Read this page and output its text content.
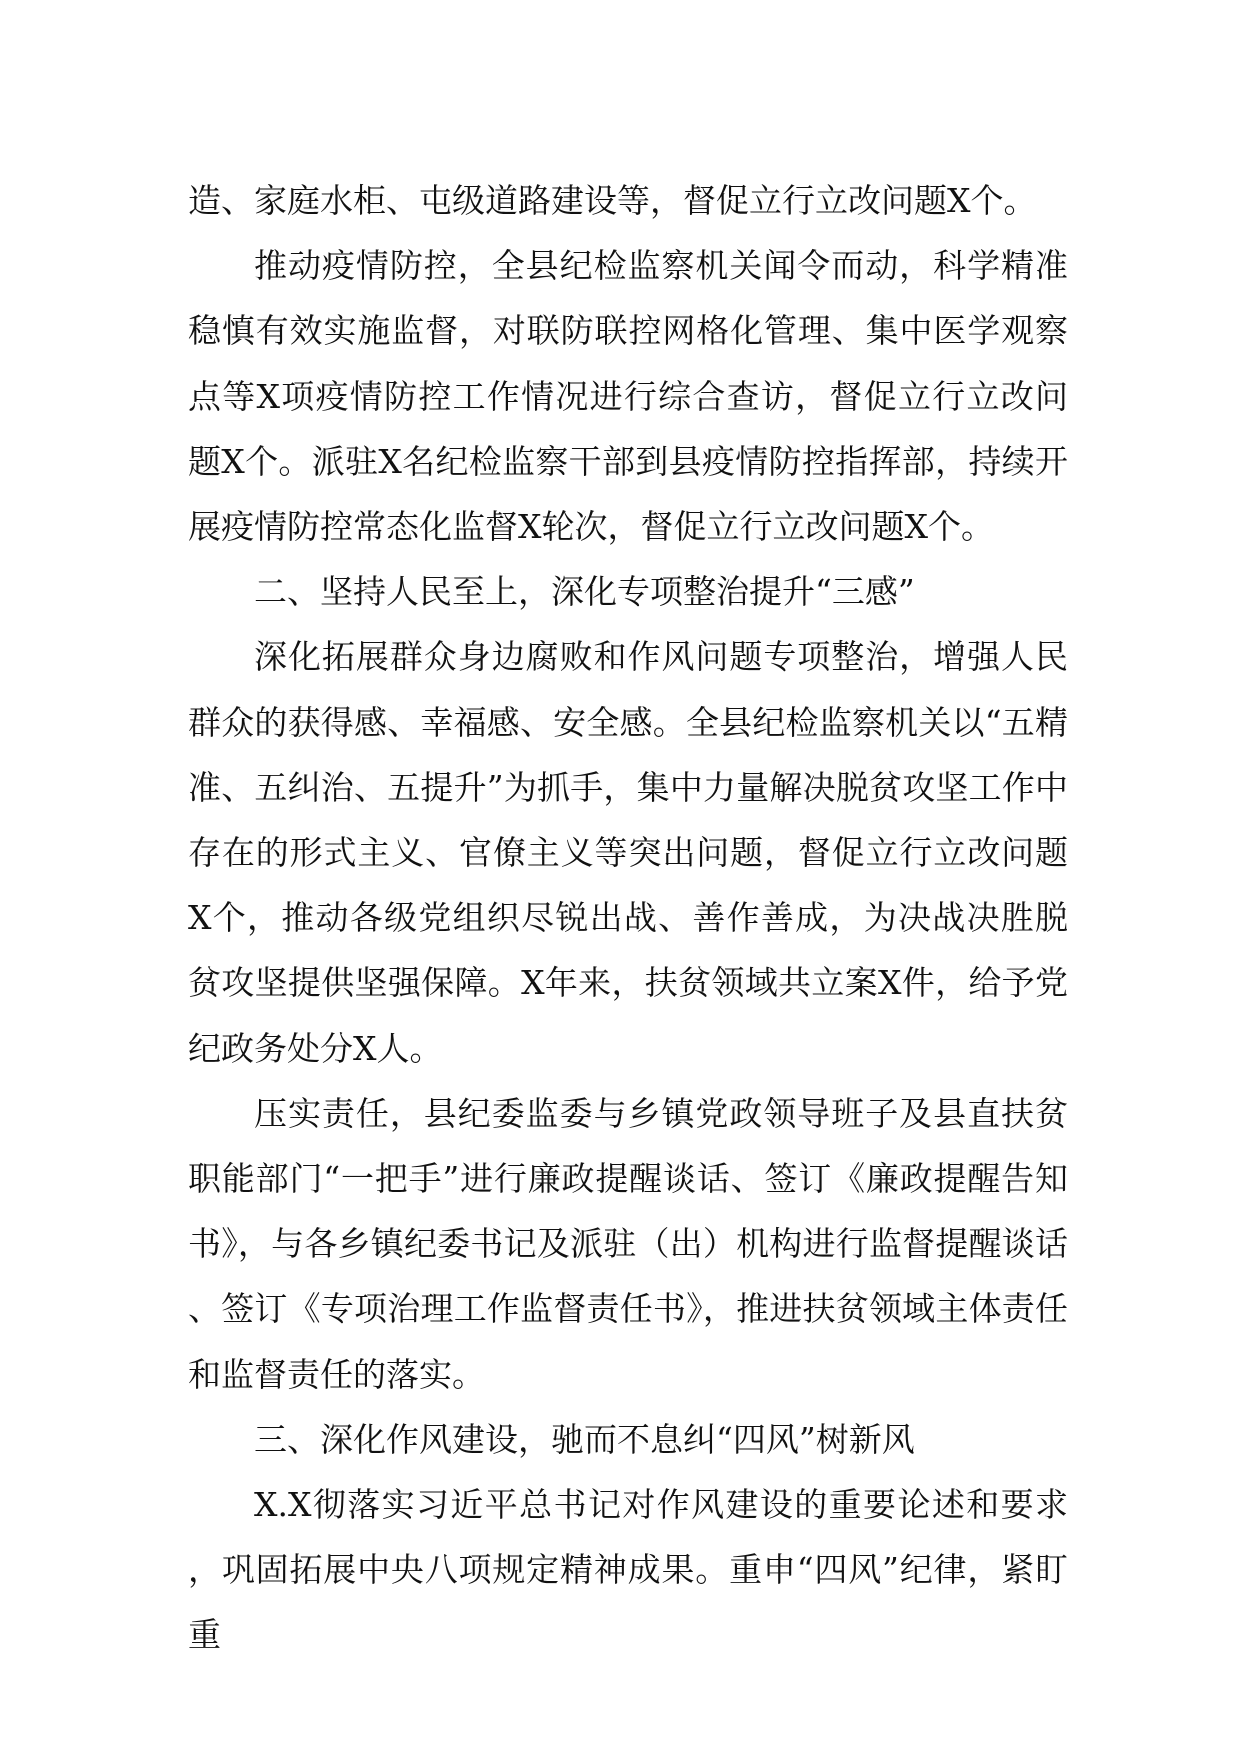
造、家庭水柜、屯级道路建设等，督促立行立改问题X个。

推动疫情防控，全县纪检监察机关闻令而动，科学精准稳慎有效实施监督，对联防联控网格化管理、集中医学观察点等X项疫情防控工作情况进行综合查访，督促立行立改问题X个。派驻X名纪检监察干部到县疫情防控指挥部，持续开展疫情防控常态化监督X轮次，督促立行立改问题X个。

二、坚持人民至上，深化专项整治提升“三感”

深化拓展群众身边腐败和作风问题专项整治，增强人民群众的获得感、幸福感、安全感。全县纪检监察机关以“五精准、五纠治、五提升”为抓手，集中力量解决脱贫攻坚工作中存在的形式主义、官僚主义等突出问题，督促立行立改问题X个，推动各级党组织尽锐出战、善作善成，为决战决胜脱贫攻坚提供坚强保障。X年来，扶贫领域共立案X件，给予党纪政务处分X人。

压实责任，县纪委监委与乡镇党政领导班子及县直扶贫职能部门“一把手”进行廉政提醒谈话、签订《廉政提醒告知书》，与各乡镇纪委书记及派驻（出）机构进行监督提醒谈话、签订《专项治理工作监督责任书》，推进扶贫领域主体责任和监督责任的落实。

三、深化作风建设，驰而不息纠“四风”树新风

X.X彻落实习近平总书记对作风建设的重要论述和要求，巩固拓展中央八项规定精神成果。重申“四风”纪律，紧盯重
